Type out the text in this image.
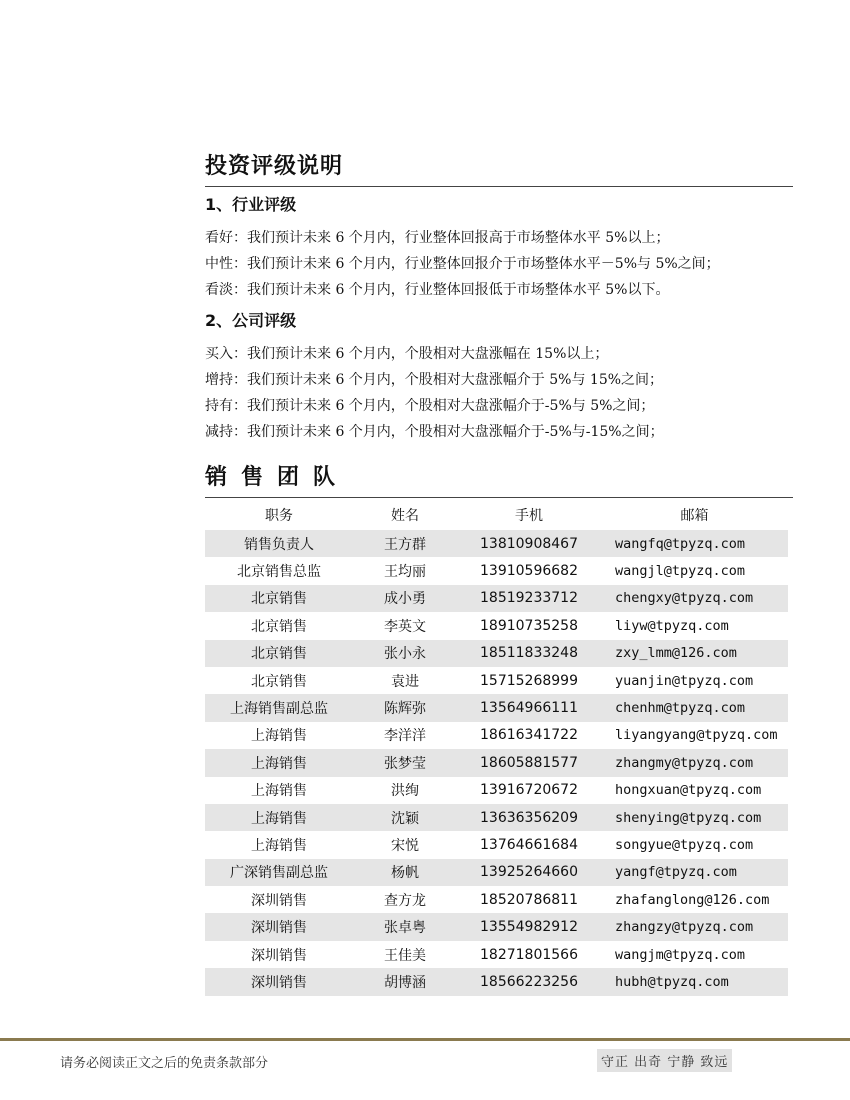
投资评级说明
1、行业评级
看好：我们预计未来 6 个月内，行业整体回报高于市场整体水平 5%以上；
中性：我们预计未来 6 个月内，行业整体回报介于市场整体水平－5%与 5%之间；
看淡：我们预计未来 6 个月内，行业整体回报低于市场整体水平 5%以下。
2、公司评级
买入：我们预计未来 6 个月内，个股相对大盘涨幅在 15%以上；
增持：我们预计未来 6 个月内，个股相对大盘涨幅介于 5%与 15%之间；
持有：我们预计未来 6 个月内，个股相对大盘涨幅介于-5%与 5%之间；
减持：我们预计未来 6 个月内，个股相对大盘涨幅介于-5%与-15%之间；
销售团队
职务	姓名	手机	邮箱
销售负责人	王方群	13810908467	wangfq@tpyzq.com
北京销售总监	王均丽	13910596682	wangjl@tpyzq.com
北京销售	成小勇	18519233712	chengxy@tpyzq.com
北京销售	李英文	18910735258	liyw@tpyzq.com
北京销售	张小永	18511833248	zxy_lmm@126.com
北京销售	袁进	15715268999	yuanjin@tpyzq.com
上海销售副总监	陈辉弥	13564966111	chenhm@tpyzq.com
上海销售	李洋洋	18616341722	liyangyang@tpyzq.com
上海销售	张梦莹	18605881577	zhangmy@tpyzq.com
上海销售	洪绚	13916720672	hongxuan@tpyzq.com
上海销售	沈颖	13636356209	shenying@tpyzq.com
上海销售	宋悦	13764661684	songyue@tpyzq.com
广深销售副总监	杨帆	13925264660	yangf@tpyzq.com
深圳销售	查方龙	18520786811	zhafanglong@126.com
深圳销售	张卓粤	13554982912	zhangzy@tpyzq.com
深圳销售	王佳美	18271801566	wangjm@tpyzq.com
深圳销售	胡博涵	18566223256	hubh@tpyzq.com
请务必阅读正文之后的免责条款部分	守正 出奇 宁静 致远
